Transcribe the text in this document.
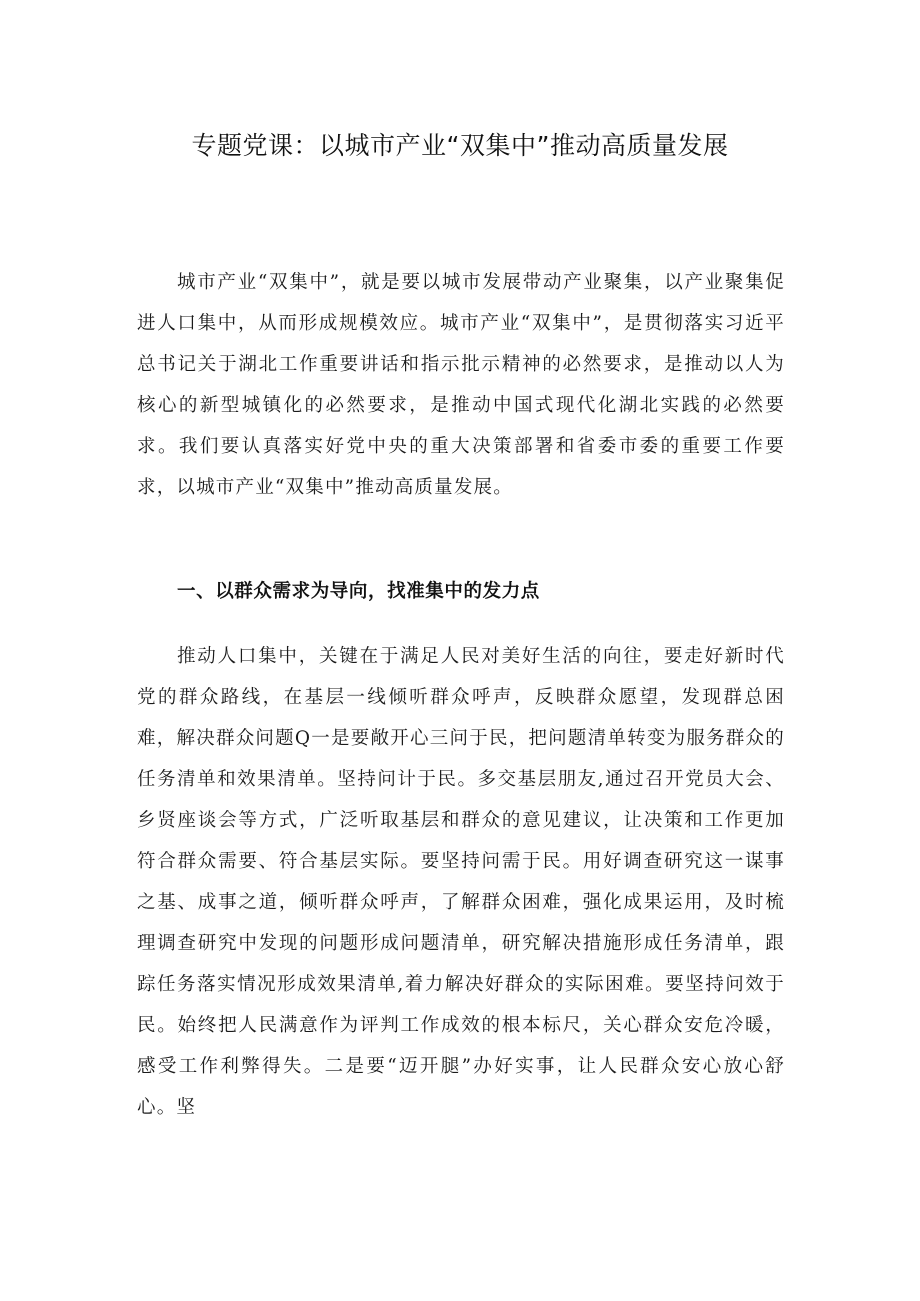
专题党课：以城市产业“双集中”推动高质量发展

城市产业“双集中”，就是要以城市发展带动产业聚集，以产业聚集促进人口集中，从而形成规模效应。城市产业“双集中”，是贯彻落实习近平总书记关于湖北工作重要讲话和指示批示精神的必然要求，是推动以人为核心的新型城镇化的必然要求，是推动中国式现代化湖北实践的必然要求。我们要认真落实好党中央的重大决策部署和省委市委的重要工作要求，以城市产业“双集中”推动高质量发展。

一、以群众需求为导向，找准集中的发力点

推动人口集中，关键在于满足人民对美好生活的向往，要走好新时代党的群众路线，在基层一线倾听群众呼声，反映群众愿望，发现群总困难，解决群众问题Q一是要敞开心三问于民，把问题清单转变为服务群众的任务清单和效果清单。坚持问计于民。多交基层朋友,通过召开党员大会、乡贤座谈会等方式，广泛听取基层和群众的意见建议，让决策和工作更加符合群众需要、符合基层实际。要坚持问需于民。用好调查研究这一谋事之基、成事之道，倾听群众呼声，了解群众困难，强化成果运用，及时梳理调查研究中发现的问题形成问题清单，研究解决措施形成任务清单，跟踪任务落实情况形成效果清单,着力解决好群众的实际困难。要坚持问效于民。始终把人民满意作为评判工作成效的根本标尺，关心群众安危冷暖，感受工作利弊得失。二是要“迈开腿”办好实事，让人民群众安心放心舒心。坚
